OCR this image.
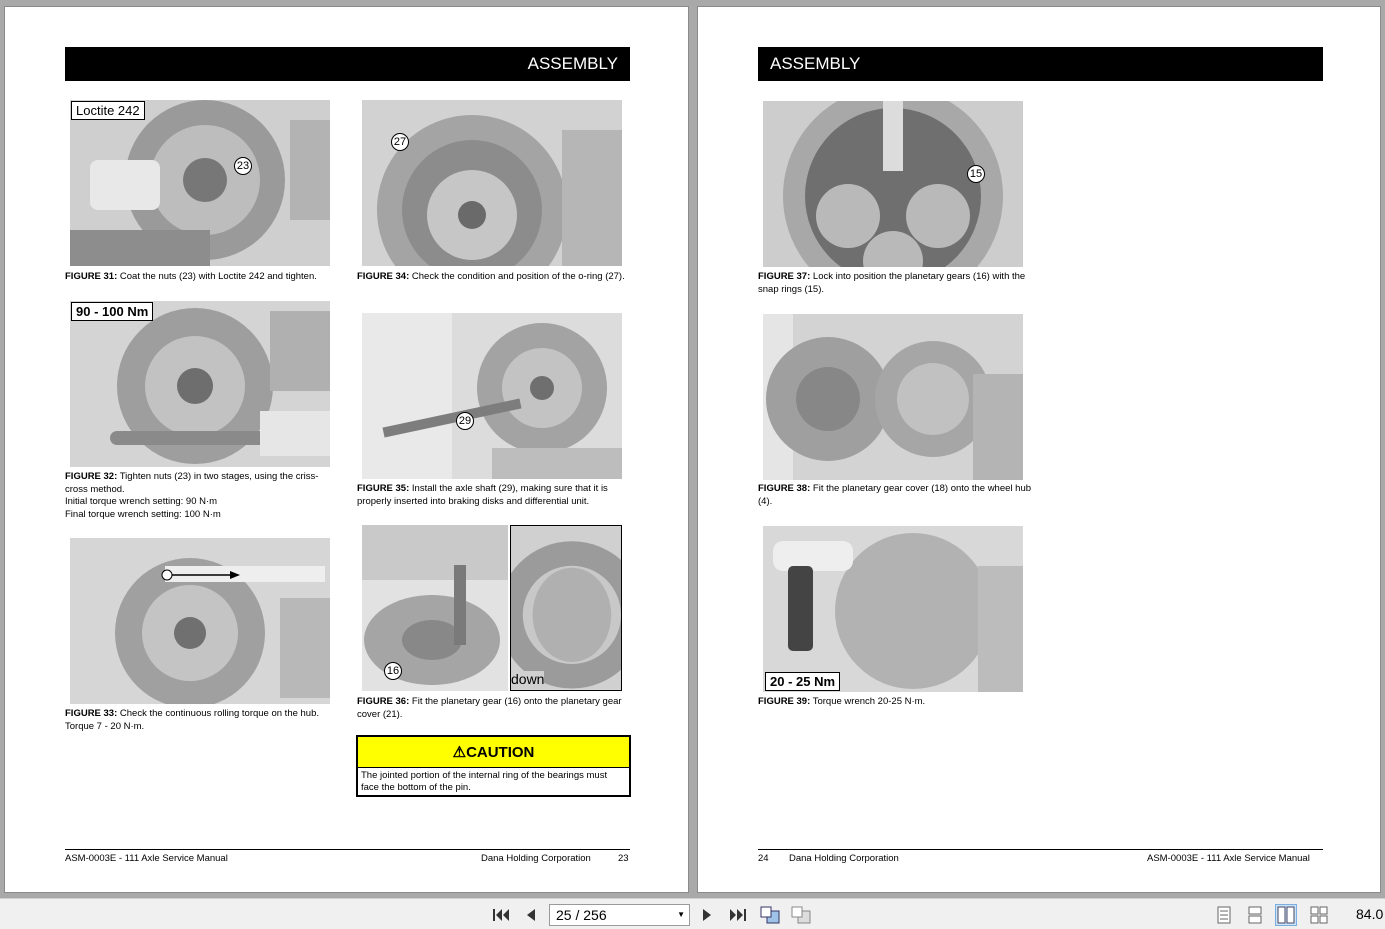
ASSEMBLY
Loctite 242
23
FIGURE 31: Coat the nuts (23) with Loctite 242 and tighten.
90 - 100 Nm
FIGURE 32: Tighten nuts (23) in two stages, using the criss-cross method.
Initial torque wrench setting: 90 N·m
Final torque wrench setting: 100 N·m
FIGURE 33: Check the continuous rolling torque on the hub.
Torque 7 - 20 N·m.
27
FIGURE 34: Check the condition and position of the o-ring (27).
29
FIGURE 35: Install the axle shaft (29), making sure that it is properly inserted into braking disks and differential unit.
16	down
FIGURE 36: Fit the planetary gear (16) onto the planetary gear cover (21).
⚠CAUTION
The jointed portion of the internal ring of the bearings must face the bottom of the pin.
ASM-0003E - 111 Axle Service Manual	Dana Holding Corporation	23
ASSEMBLY
15
FIGURE 37: Lock into position the planetary gears (16) with the snap rings (15).
FIGURE 38: Fit the planetary gear cover (18) onto the wheel hub (4).
20 - 25 Nm
FIGURE 39: Torque wrench 20-25 N·m.
24 Dana Holding Corporation	ASM-0003E - 111 Axle Service Manual
25 / 256	▼	84.0
